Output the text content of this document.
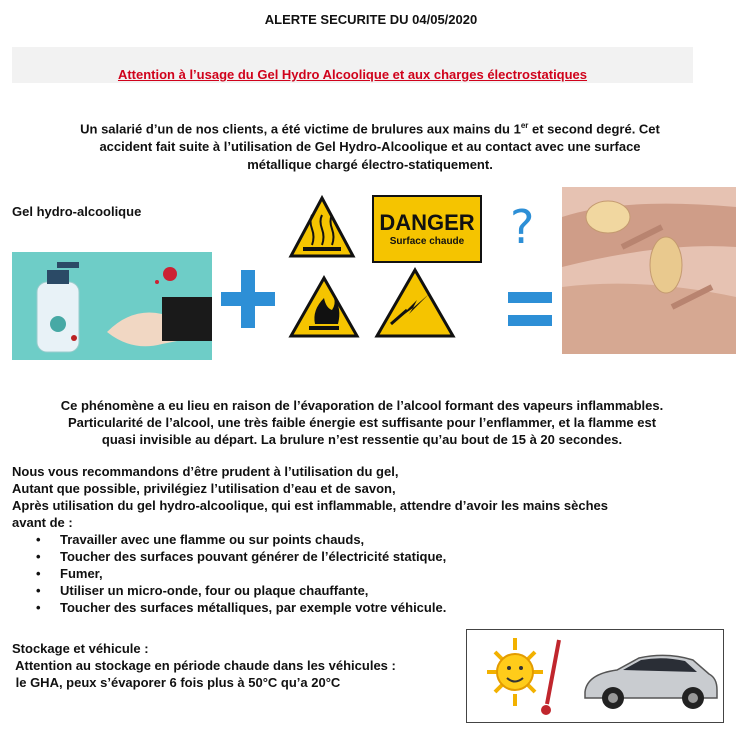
ALERTE SECURITE DU 04/05/2020
Attention à l’usage du Gel Hydro Alcoolique et aux charges électrostatiques
Un salarié d’un de nos clients, a été victime de brulures aux mains du 1er et second degré. Cet
accident fait suite à l’utilisation de Gel Hydro-Alcoolique et au contact avec une surface
métallique chargé électro-statiquement.
Gel hydro-alcoolique	DANGER
Surface chaude ?
Ce phénomène a eu lieu en raison de l’évaporation de l’alcool formant des vapeurs inflammables.
Particularité de l’alcool, une très faible énergie est suffisante pour l’enflammer, et la flamme est
quasi invisible au départ. La brulure n’est ressentie qu’au bout de 15 à 20 secondes.

Nous vous recommandons d’être prudent à l’utilisation du gel,

Autant que possible, privilégiez l’utilisation d’eau et de savon,

Après utilisation du gel hydro-alcoolique, qui est inflammable, attendre d’avoir les mains sèches

avant de :

• Travailler avec une flamme ou sur points chauds,
• Toucher des surfaces pouvant générer de l’électricité statique,
• Fumer,
• Utiliser un micro-onde, four ou plaque chauffante,
• Toucher des surfaces métalliques, par exemple votre véhicule.

Stockage et véhicule :

Attention au stockage en période chaude dans les véhicules :

le GHA, peux s’évaporer 6 fois plus à 50°C qu’a 20°C
